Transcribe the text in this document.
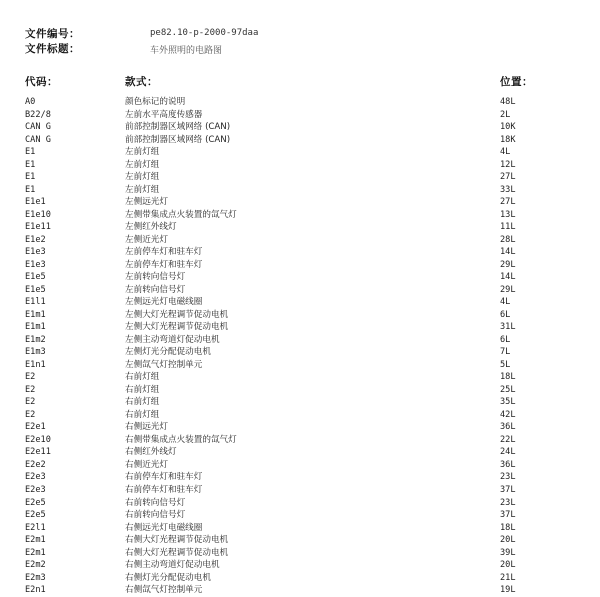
文件编号：	pe82.10-p-2000-97daa
文件标题：	车外照明的电路图
代码：	款式：	位置：
A0	颜色标记的说明	48L
B22/8	左前水平高度传感器	2L
CAN G	前部控制器区域网络 (CAN)	10K
CAN G	前部控制器区域网络 (CAN)	18K
E1	左前灯组	4L
E1	左前灯组	12L
E1	左前灯组	27L
E1	左前灯组	33L
E1e1	左侧远光灯	27L
E1e10	左侧带集成点火装置的氙气灯	13L
E1e11	左侧红外线灯	11L
E1e2	左侧近光灯	28L
E1e3	左前停车灯和驻车灯	14L
E1e3	左前停车灯和驻车灯	29L
E1e5	左前转向信号灯	14L
E1e5	左前转向信号灯	29L
E1l1	左侧远光灯电磁线圈	4L
E1m1	左侧大灯光程调节促动电机	6L
E1m1	左侧大灯光程调节促动电机	31L
E1m2	左侧主动弯道灯促动电机	6L
E1m3	左侧灯光分配促动电机	7L
E1n1	左侧氙气灯控制单元	5L
E2	右前灯组	18L
E2	右前灯组	25L
E2	右前灯组	35L
E2	右前灯组	42L
E2e1	右侧远光灯	36L
E2e10	右侧带集成点火装置的氙气灯	22L
E2e11	右侧红外线灯	24L
E2e2	右侧近光灯	36L
E2e3	右前停车灯和驻车灯	23L
E2e3	右前停车灯和驻车灯	37L
E2e5	右前转向信号灯	23L
E2e5	右前转向信号灯	37L
E2l1	右侧远光灯电磁线圈	18L
E2m1	右侧大灯光程调节促动电机	20L
E2m1	右侧大灯光程调节促动电机	39L
E2m2	右侧主动弯道灯促动电机	20L
E2m3	右侧灯光分配促动电机	21L
E2n1	右侧氙气灯控制单元	19L
